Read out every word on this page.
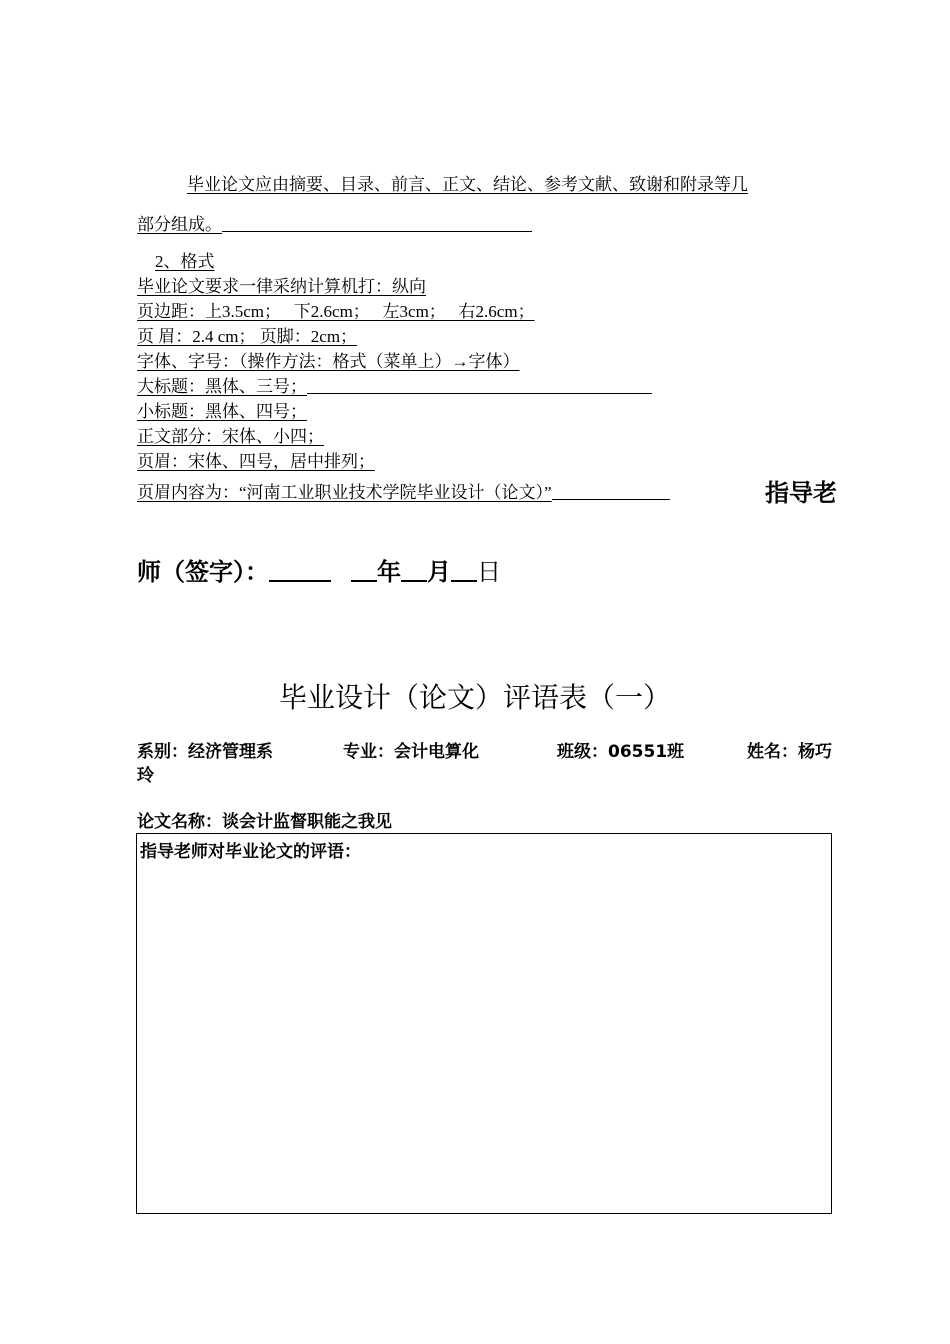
毕业论文应由摘要、目录、前言、正文、结论、参考文献、致谢和附录等几
部分组成。
2、格式
毕业论文要求一律采纳计算机打：纵向
页边距：上3.5cm；　 下2.6cm；　 左3cm；　 右2.6cm；
页 眉：2.4 cm； 页脚：2cm；
字体、字号：（操作方法：格式（菜单上）→字体）
大标题：黑体、三号；
小标题：黑体、四号；
正文部分：宋体、小四；
页眉：宋体、四号，居中排列；
页眉内容为：“河南工业职业技术学院毕业设计（论文）”	指导老
师（签字）：	年 月 日
毕业设计（论文）评语表（一）
系别：经济管理系	专业：会计电算化	班级：06551班	姓名：杨巧
玲
论文名称：谈会计监督职能之我见
指导老师对毕业论文的评语：
